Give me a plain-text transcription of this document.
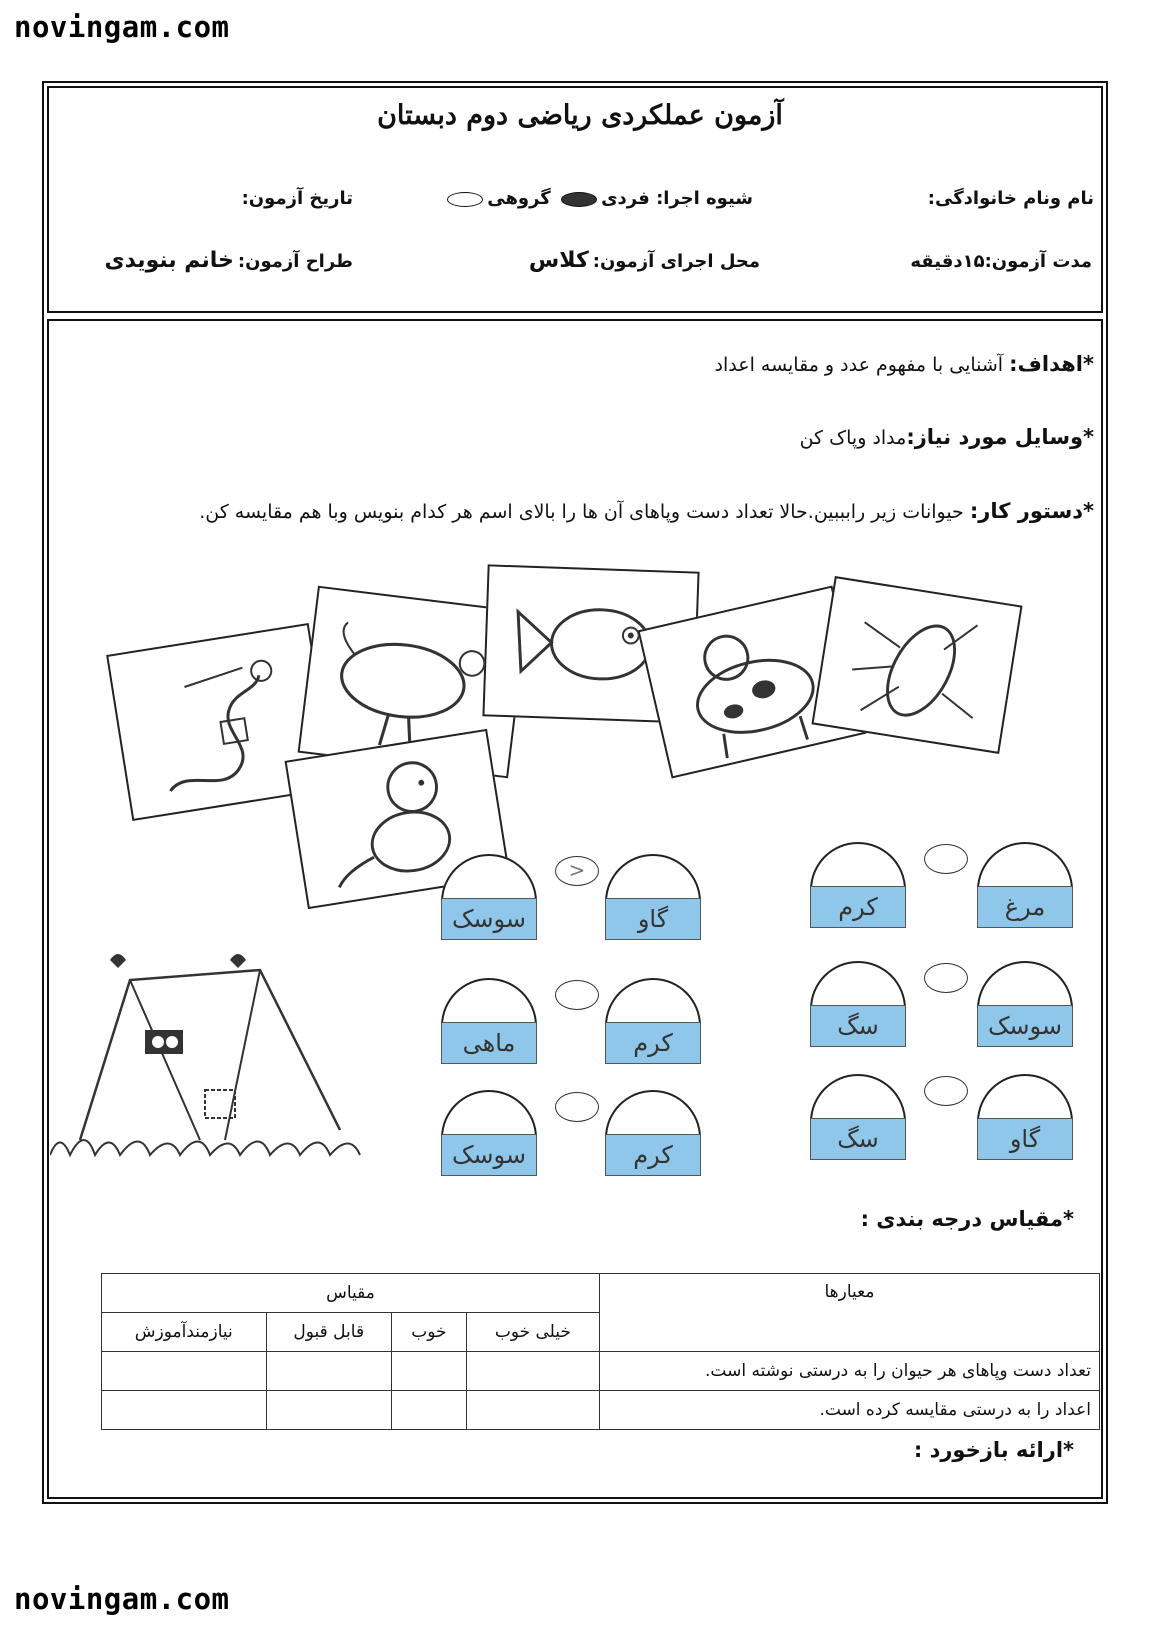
novingam.com
novingam.com
آزمون عملکردی ریاضی دوم دبستان
نام ونام خانوادگی:
شیوه اجرا: فردی گروهی
تاریخ آزمون:
مدت آزمون:۱۵دقیقه
محل اجرای آزمون:کلاس
طراح آزمون:خانم بنویدی
*اهداف: آشنایی با مفهوم عدد و مقایسه اعداد
*وسایل مورد نیاز:مداد وپاک کن
*دستور کار: حیوانات زیر رابببین.حالا تعداد دست وپاهای آن ها را بالای اسم هر کدام بنویس وبا هم مقایسه کن.
مرغ
کرم
گاو
سوسک
>
سوسک
سگ
کرم
ماهی
گاو
سگ
کرم
سوسک
*مقیاس درجه بندی :
معیارها	مقیاس			
	خیلی خوب	خوب	قابل قبول	نیازمندآموزش
تعداد دست وپاهای هر حیوان را به درستی نوشته است.				
اعداد را به درستی مقایسه کرده است.				
*ارائه بازخورد :
